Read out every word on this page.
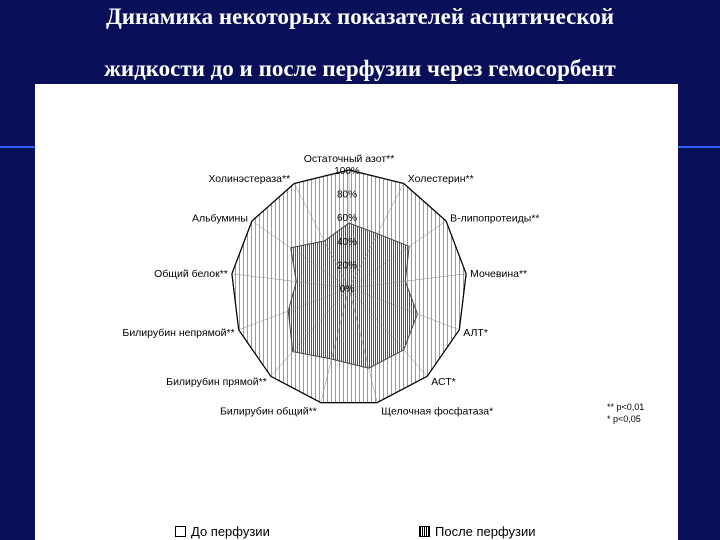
Динамика некоторых показателей асцитической
жидкости до и после перфузии через гемосорбент
0%
20%
40%
60%
80%
100%
Остаточный азот**
Холестерин**
B-липопротеиды**
Мочевина**
АЛТ*
АСТ*
Щелочная фосфатаза*
Билирубин общий**
Билирубин прямой**
Билирубин непрямой**
Общий белок**
Альбумины
Холинэстераза**
** р<0,01
* р<0,05
До перфузии	После перфузии
